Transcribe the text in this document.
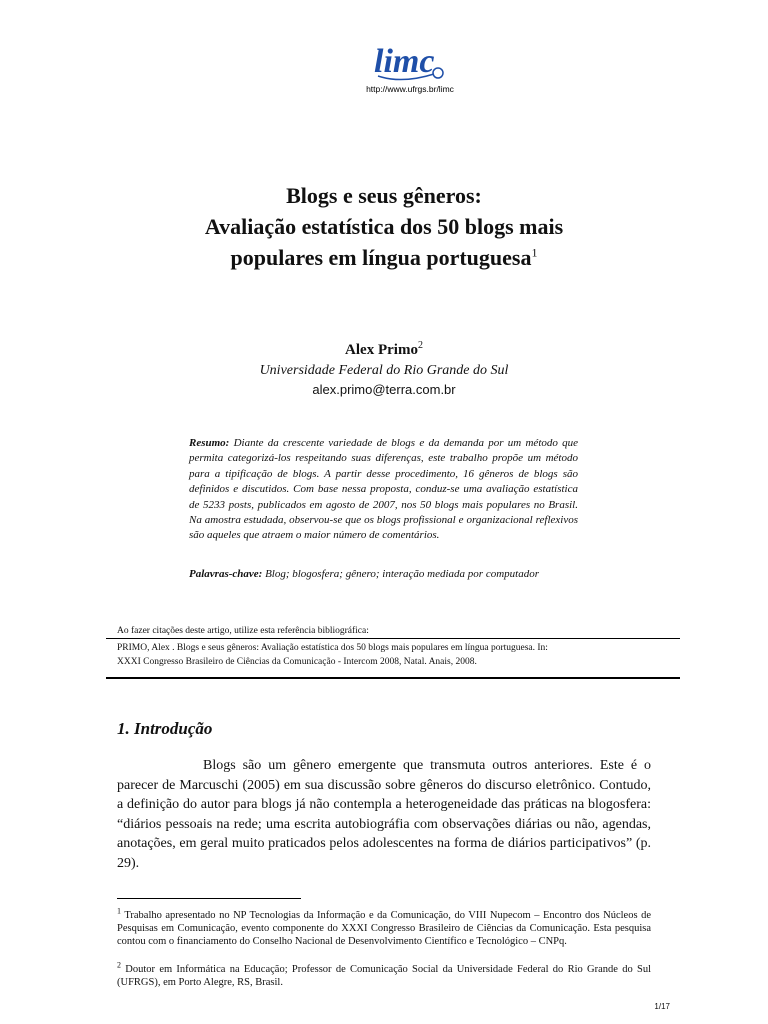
limc
http://www.ufrgs.br/limc
Blogs e seus gêneros:
Avaliação estatística dos 50 blogs mais
populares em língua portuguesa$^1$
Alex Primo$^2$
Universidade Federal do Rio Grande do Sul
alex.primo@terra.com.br
Resumo: Diante da crescente variedade de blogs e da demanda por um método que permita categorizá-los respeitando suas diferenças, este trabalho propõe um método para a tipificação de blogs. A partir desse procedimento, 16 gêneros de blogs são definidos e discutidos. Com base nessa proposta, conduz-se uma avaliação estatística de 5233 posts, publicados em agosto de 2007, nos 50 blogs mais populares no Brasil. Na amostra estudada, observou-se que os blogs profissional e organizacional reflexivos são aqueles que atraem o maior número de comentários.
Palavras-chave: Blog; blogosfera; gênero; interação mediada por computador
Ao fazer citações deste artigo, utilize esta referência bibliográfica:
PRIMO, Alex . Blogs e seus gêneros: Avaliação estatística dos 50 blogs mais populares em língua portuguesa. In:
XXXI Congresso Brasileiro de Ciências da Comunicação - Intercom 2008, Natal. Anais, 2008.
1. Introdução
Blogs são um gênero emergente que transmuta outros anteriores. Este é o parecer de Marcuschi (2005) em sua discussão sobre gêneros do discurso eletrônico. Contudo, a definição do autor para blogs já não contempla a heterogeneidade das práticas na blogosfera: “diários pessoais na rede; uma escrita autobiográfia com observações diárias ou não, agendas, anotações, em geral muito praticados pelos adolescentes na forma de diários participativos” (p. 29).
$^1$ Trabalho apresentado no NP Tecnologias da Informação e da Comunicação, do VIII Nupecom – Encontro dos Núcleos de Pesquisas em Comunicação, evento componente do XXXI Congresso Brasileiro de Ciências da Comunicação. Esta pesquisa contou com o financiamento do Conselho Nacional de Desenvolvimento Científico e Tecnológico – CNPq.
$^2$ Doutor em Informática na Educação; Professor de Comunicação Social da Universidade Federal do Rio Grande do Sul (UFRGS), em Porto Alegre, RS, Brasil.
1/17
